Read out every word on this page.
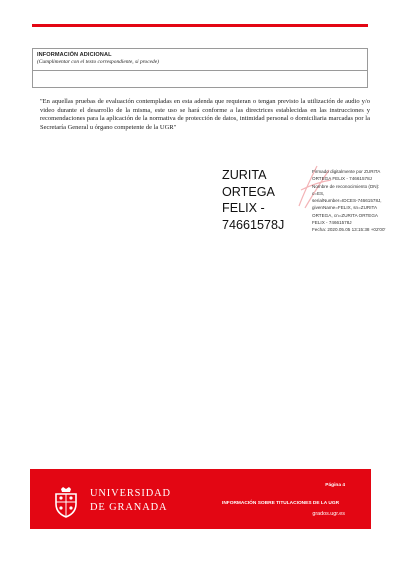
INFORMACIÓN ADICIONAL
(Cumplimentar con el texto correspondiente, si procede)

"En aquellas pruebas de evaluación contempladas en esta adenda que requieran o tengan previsto la utilización de audio y/o video durante el desarrollo de la misma, este uso se hará conforme a las directrices establecidas en las instrucciones y recomendaciones para la aplicación de la normativa de protección de datos, intimidad personal o domiciliaria marcadas por la Secretaría General u órgano competente de la UGR"

ZURITA
ORTEGA
FELIX -
74661578J
Firmado digitalmente por ZURITA
ORTEGA FELIX - 74661578J
Nombre de reconocimiento (DN):
c=ES,
serialNumber=IDCES-74661578J,
givenName=FELIX, sn=ZURITA
ORTEGA, cn=ZURITA ORTEGA
FELIX - 74661578J
Fecha: 2020.05.05 13:15:38 +02'00'
UNIVERSIDAD
DE GRANADA
Página 4
INFORMACIÓN SOBRE TITULACIONES DE LA UGR
grados.ugr.es
